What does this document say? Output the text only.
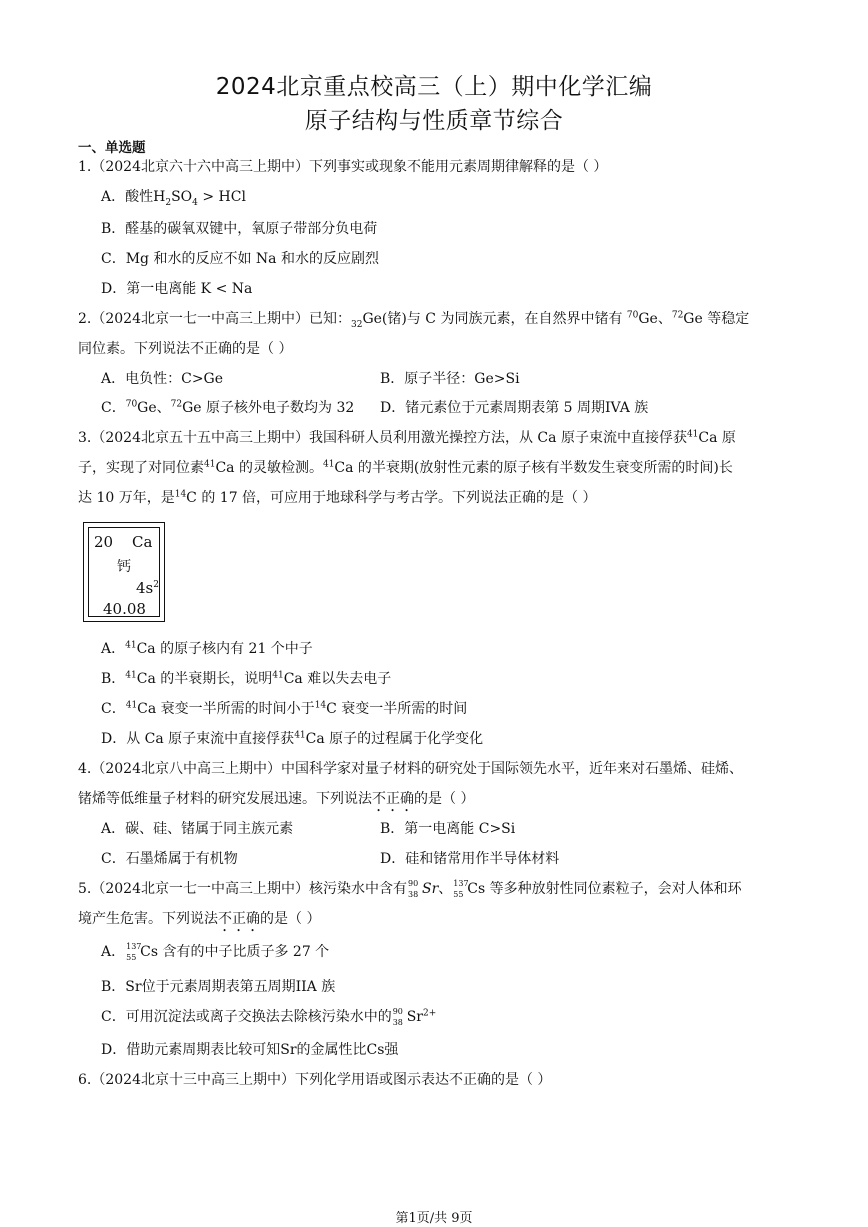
2024北京重点校高三（上）期中化学汇编
原子结构与性质章节综合
一、单选题
1.（2024北京六十六中高三上期中）下列事实或现象不能用元素周期律解释的是（ ）
A．酸性$H_2SO_4$ > HCl
B．醛基的碳氧双键中，氧原子带部分负电荷
C．Mg 和水的反应不如 Na 和水的反应剧烈
D．第一电离能 K < Na
2.（2024北京一七一中高三上期中）已知：$_{32}$Ge(锗)与 C 为同族元素，在自然界中锗有 $^{70}$Ge、$^{72}$Ge 等稳定
同位素。下列说法不正确的是（ ）
A．电负性：C>Ge	B．原子半径：Ge>Si
C．$^{70}$Ge、$^{72}$Ge 原子核外电子数均为 32 D．锗元素位于元素周期表第 5 周期IVA 族
3.（2024北京五十五中高三上期中）我国科研人员利用激光操控方法，从 Ca 原子束流中直接俘获$^{41}$Ca 原
子，实现了对同位素$^{41}$Ca 的灵敏检测。$^{41}$Ca 的半衰期(放射性元素的原子核有半数发生衰变所需的时间)长
达 10 万年，是$^{14}$C 的 17 倍，可应用于地球科学与考古学。下列说法正确的是（ ）
20 Ca
钙
$4s^2$
40.08
A．$^{41}$Ca 的原子核内有 21 个中子
B．$^{41}$Ca 的半衰期长，说明$^{41}$Ca 难以失去电子
C．$^{41}$Ca 衰变一半所需的时间小于$^{14}$C 衰变一半所需的时间
D．从 Ca 原子束流中直接俘获$^{41}$Ca 原子的过程属于化学变化
4.（2024北京八中高三上期中）中国科学家对量子材料的研究处于国际领先水平，近年来对石墨烯、硅烯、
锗烯等低维量子材料的研究发展迅速。下列说法不正确的是（ ）
A．碳、硅、锗属于同主族元素	B．第一电离能 C>Si
C．石墨烯属于有机物	D．硅和锗常用作半导体材料
5.（2024北京一七一中高三上期中）核污染水中含有 90
38 Sr、 137
55 Cs 等多种放射性同位素粒子，会对人体和环
境产生危害。下列说法不正确的是（ ）
A． 137
55 Cs 含有的中子比质子多 27 个
B．Sr位于元素周期表第五周期IIA 族
C．可用沉淀法或离子交换法去除核污染水中的 90
38 $Sr^{2+}$
D．借助元素周期表比较可知Sr的金属性比Cs强
6.（2024北京十三中高三上期中）下列化学用语或图示表达不正确的是（ ）
第1页/共 9页
